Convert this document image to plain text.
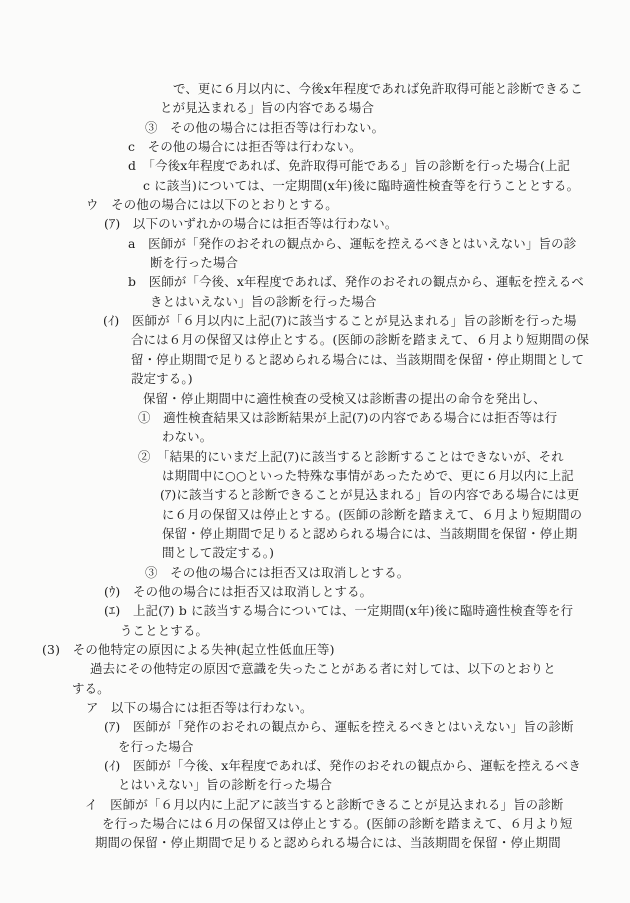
で、更に６月以内に、今後x年程度であれば免許取得可能と診断できるこ
とが見込まれる」旨の内容である場合
③　その他の場合には拒否等は行わない。
c　その他の場合には拒否等は行わない。
d　「今後x年程度であれば、免許取得可能である」旨の診断を行った場合(上記
c に該当)については、一定期間(x年)後に臨時適性検査等を行うこととする。
ウ　その他の場合には以下のとおりとする。
(ｱ)　以下のいずれかの場合には拒否等は行わない。
a　医師が「発作のおそれの観点から、運転を控えるべきとはいえない」旨の診
断を行った場合
b　医師が「今後、x年程度であれば、発作のおそれの観点から、運転を控えるべ
きとはいえない」旨の診断を行った場合
(ｲ)　医師が「６月以内に上記(ｱ)に該当することが見込まれる」旨の診断を行った場
合には６月の保留又は停止とする。(医師の診断を踏まえて、６月より短期間の保
留・停止期間で足りると認められる場合には、当該期間を保留・停止期間として
設定する。)
保留・停止期間中に適性検査の受検又は診断書の提出の命令を発出し、
①　適性検査結果又は診断結果が上記(ｱ)の内容である場合には拒否等は行
わない。
②　「結果的にいまだ上記(ｱ)に該当すると診断することはできないが、それ
は期間中に○○といった特殊な事情があったためで、更に６月以内に上記
(ｱ)に該当すると診断できることが見込まれる」旨の内容である場合には更
に６月の保留又は停止とする。(医師の診断を踏まえて、６月より短期間の
保留・停止期間で足りると認められる場合には、当該期間を保留・停止期
間として設定する。)
③　その他の場合には拒否又は取消しとする。
(ｳ)　その他の場合には拒否又は取消しとする。
(ｴ)　上記(ｱ) b に該当する場合については、一定期間(x年)後に臨時適性検査等を行
うこととする。
(3)　その他特定の原因による失神(起立性低血圧等)
過去にその他特定の原因で意識を失ったことがある者に対しては、以下のとおりと
する。
ア　以下の場合には拒否等は行わない。
(ｱ)　医師が「発作のおそれの観点から、運転を控えるべきとはいえない」旨の診断
を行った場合
(ｲ)　医師が「今後、x年程度であれば、発作のおそれの観点から、運転を控えるべき
とはいえない」旨の診断を行った場合
イ　医師が「６月以内に上記アに該当すると診断できることが見込まれる」旨の診断
を行った場合には６月の保留又は停止とする。(医師の診断を踏まえて、６月より短
期間の保留・停止期間で足りると認められる場合には、当該期間を保留・停止期間
